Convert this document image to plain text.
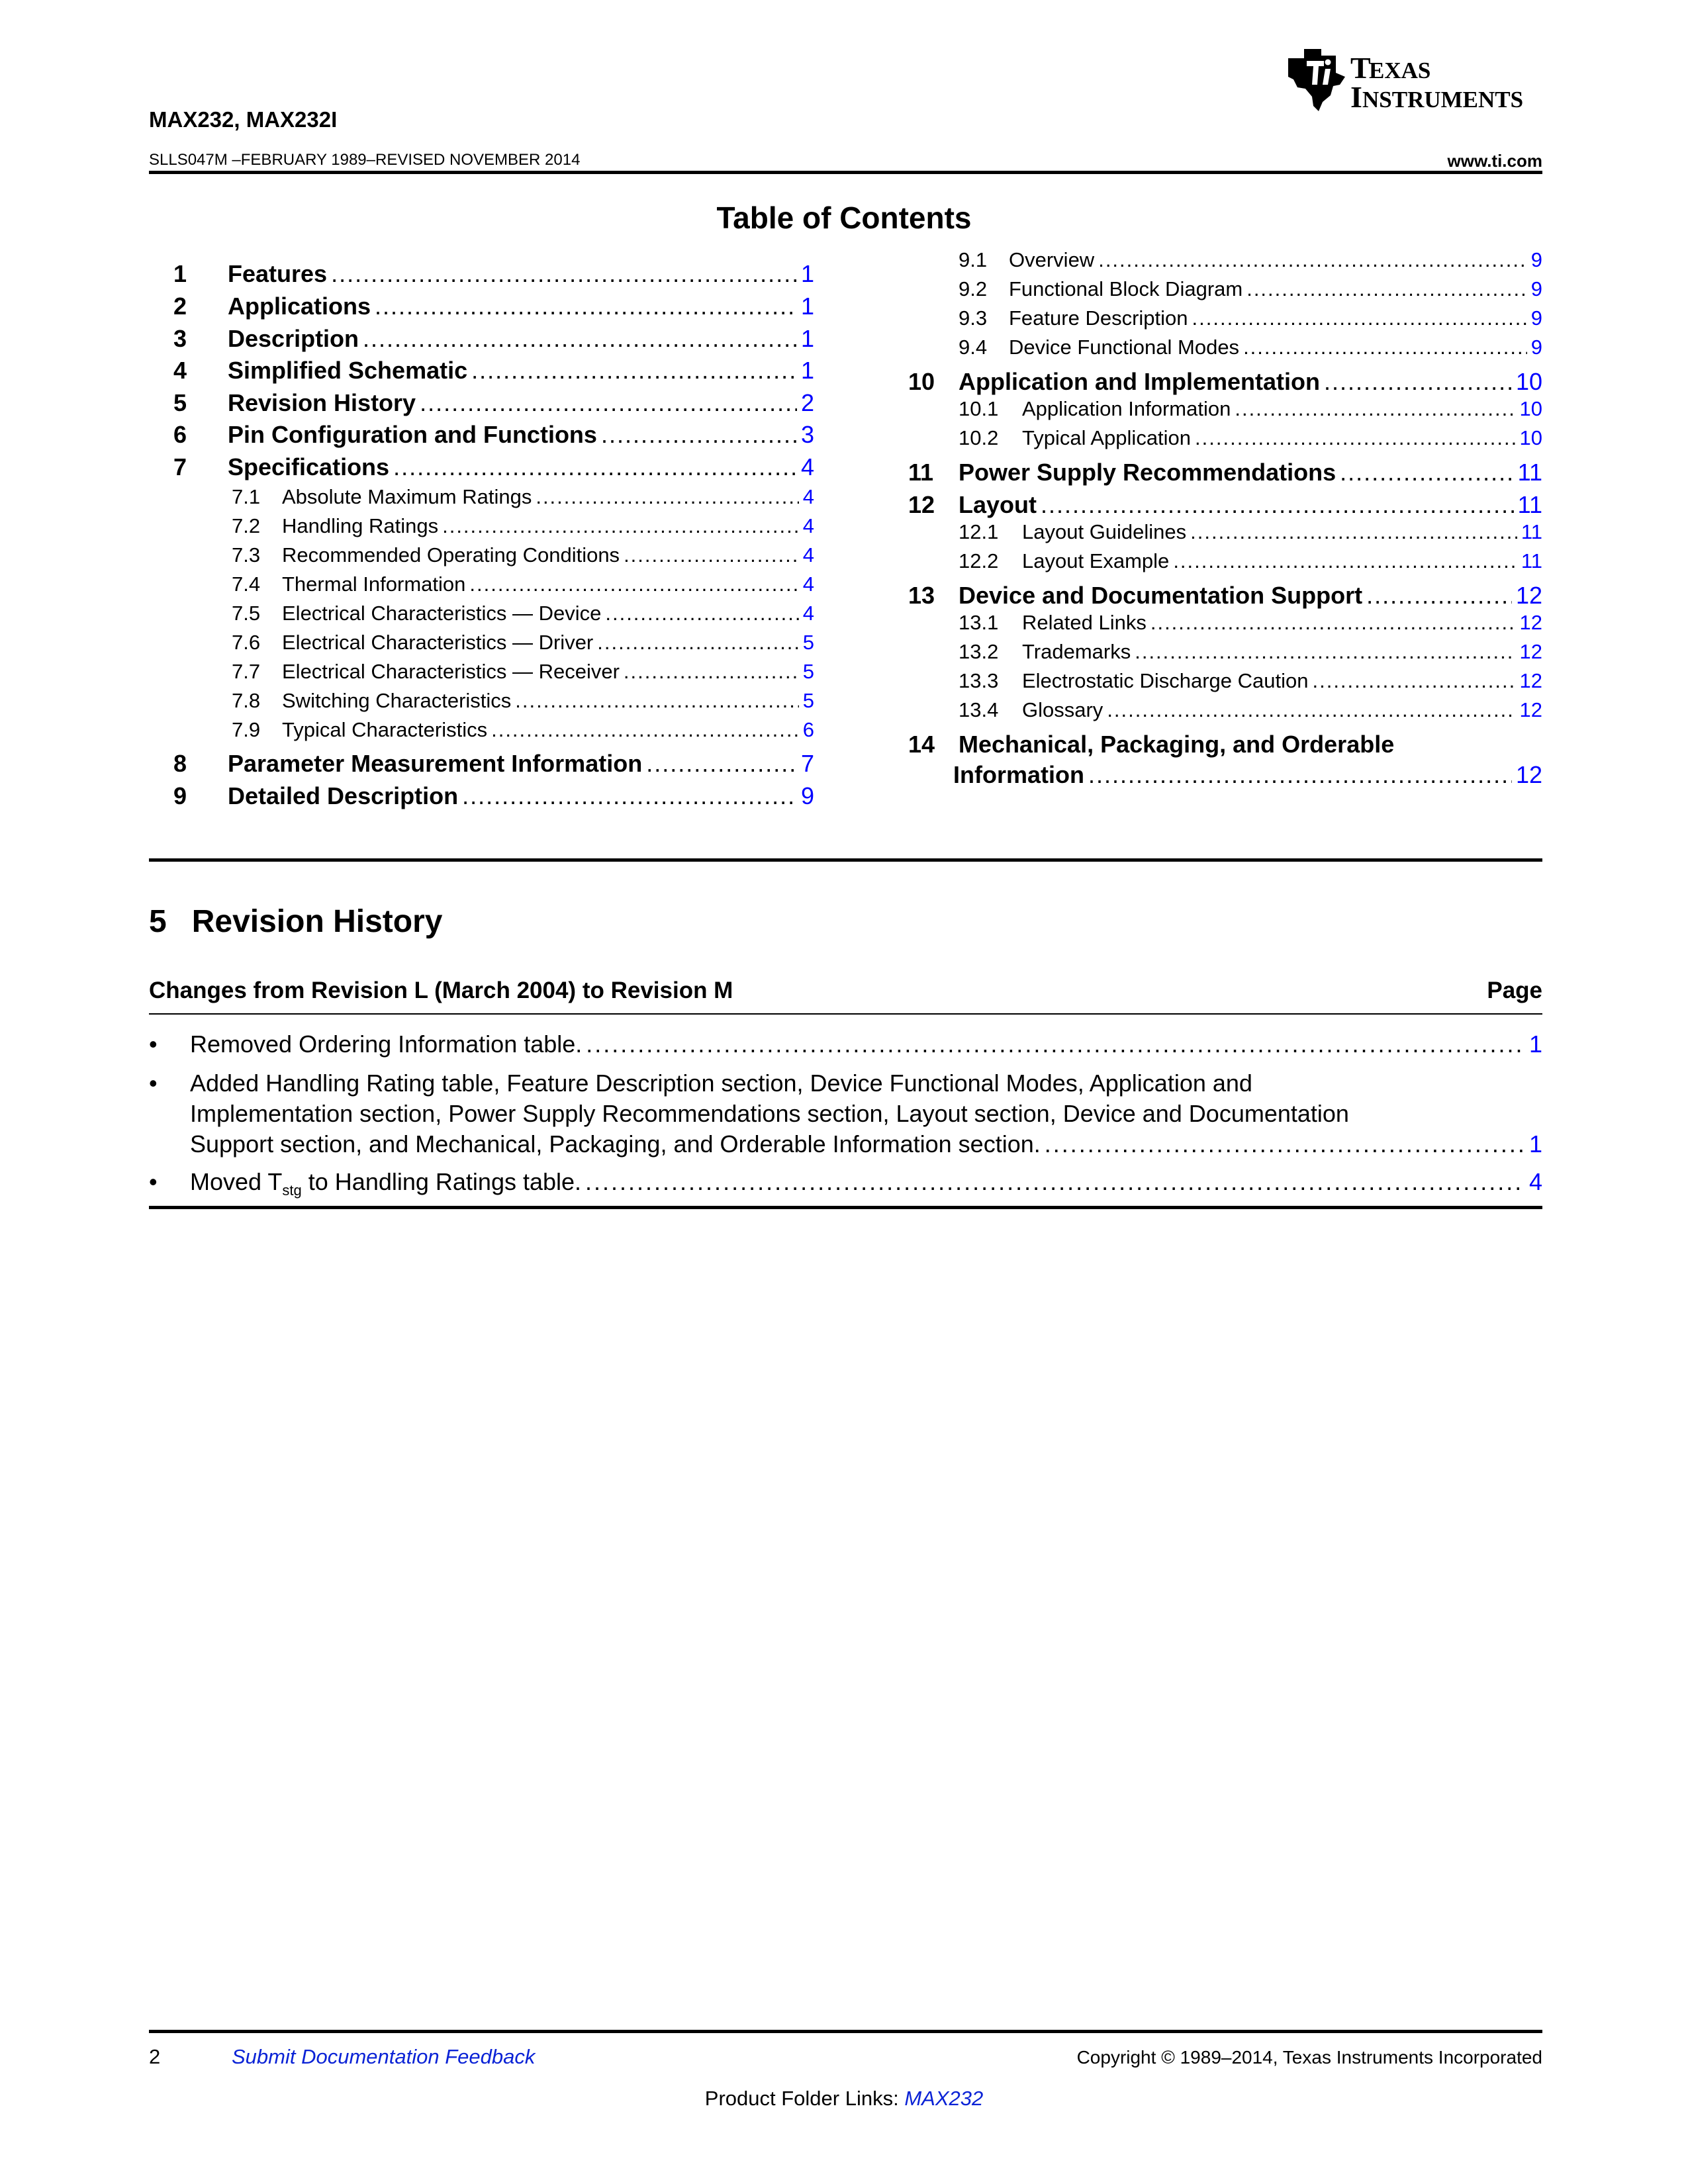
MAX232, MAX232I
SLLS047M –FEBRUARY 1989–REVISED NOVEMBER 2014	www.ti.com
T
EXAS
I NSTRUMENTS
Table of Contents
1	Features .....	1
2	Applications .....	1
3	Description .....	1
4	Simplified Schematic .....	1
5	Revision History .....	2
6	Pin Configuration and Functions .....	3
7	Specifications .....	4
7.1	Absolute Maximum Ratings .....	4
7.2	Handling Ratings .....	4
7.3	Recommended Operating Conditions .....	4
7.4	Thermal Information .....	4
7.5	Electrical Characteristics — Device .....	4
7.6	Electrical Characteristics — Driver .....	5
7.7	Electrical Characteristics — Receiver .....	5
7.8	Switching Characteristics .....	5
7.9	Typical Characteristics .....	6
8	Parameter Measurement Information .....	7
9	Detailed Description .....	9
9.1	Overview .....	9
9.2	Functional Block Diagram .....	9
9.3	Feature Description .....	9
9.4	Device Functional Modes .....	9
10 Application and Implementation .....	10
10.1	Application Information .....	10
10.2	Typical Application .....	10
11	Power Supply Recommendations .....	11
12 Layout .....	11
12.1	Layout Guidelines .....	11
12.2	Layout Example .....	11
13 Device and Documentation Support .....	12
13.1	Related Links .....	12
13.2	Trademarks .....	12
13.3	Electrostatic Discharge Caution .....	12
13.4	Glossary .....	12
14 Mechanical, Packaging, and Orderable
Information .....	12
5 Revision History
Changes from Revision L (March 2004) to Revision M	Page
• Removed Ordering Information table. .....	1
• Added Handling Rating table, Feature Description section, Device Functional Modes, Application and
Implementation section, Power Supply Recommendations section, Layout section, Device and Documentation
Support section, and Mechanical, Packaging, and Orderable Information section. .....	1
• Moved $T_{stg}$ to Handling Ratings table. .....	4
2	Submit Documentation Feedback	Copyright © 1989–2014, Texas Instruments Incorporated
Product Folder Links: MAX232
